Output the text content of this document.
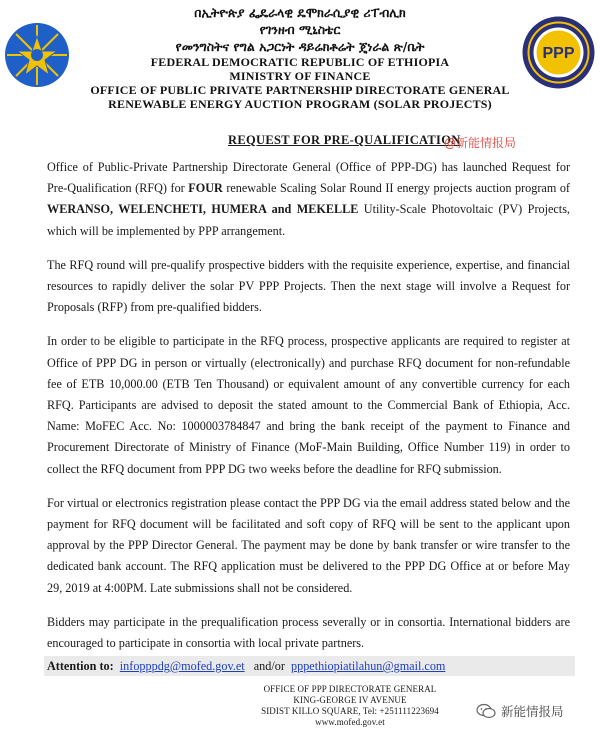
በኢትዮጵያ ፌዴራላዊ ዴሞክራሲያዊ ሪፐብሊክ
የገንዘብ ሚኒስቴር
የመንግስትና የግል አጋርነት ዳይሬክቶሬት ጄነራል ጽ/ቤት
FEDERAL DEMOCRATIC REPUBLIC OF ETHIOPIA
MINISTRY OF FINANCE
OFFICE OF PUBLIC PRIVATE PARTNERSHIP DIRECTORATE GENERAL
RENEWABLE ENERGY AUCTION PROGRAM (SOLAR PROJECTS)
PPP
REQUEST FOR PRE-QUALIFICATION
@新能情报局

Office of Public-Private Partnership Directorate General (Office of PPP-DG) has launched Request for Pre-Qualification (RFQ) for FOUR renewable Scaling Solar Round II energy projects auction program of WERANSO, WELENCHETI, HUMERA and MEKELLE Utility-Scale Photovoltaic (PV) Projects, which will be implemented by PPP arrangement.

The RFQ round will pre-qualify prospective bidders with the requisite experience, expertise, and financial resources to rapidly deliver the solar PV PPP Projects. Then the next stage will involve a Request for Proposals (RFP) from pre-qualified bidders.

In order to be eligible to participate in the RFQ process, prospective applicants are required to register at Office of PPP DG in person or virtually (electronically) and purchase RFQ document for non-refundable fee of ETB 10,000.00 (ETB Ten Thousand) or equivalent amount of any convertible currency for each RFQ. Participants are advised to deposit the stated amount to the Commercial Bank of Ethiopia, Acc. Name: MoFEC Acc. No: 1000003784847 and bring the bank receipt of the payment to Finance and Procurement Directorate of Ministry of Finance (MoF-Main Building, Office Number 119) in order to collect the RFQ document from PPP DG two weeks before the deadline for RFQ submission.

For virtual or electronics registration please contact the PPP DG via the email address stated below and the payment for RFQ document will be facilitated and soft copy of RFQ will be sent to the applicant upon approval by the PPP Director General. The payment may be done by bank transfer or wire transfer to the dedicated bank account. The RFQ application must be delivered to the PPP DG Office at or before May 29, 2019 at 4:00PM. Late submissions shall not be considered.

Bidders may participate in the prequalification process severally or in consortia. International bidders are encouraged to participate in consortia with local private partners.

Attention to: infopppdg@mofed.gov.et and/or pppethiopiatilahun@gmail.com
OFFICE OF PPP DIRECTORATE GENERAL
KING-GEORGE IV AVENUE
SIDIST KILLO SQUARE, Tel: +251111223694
www.mofed.gov.et
新能情报局
